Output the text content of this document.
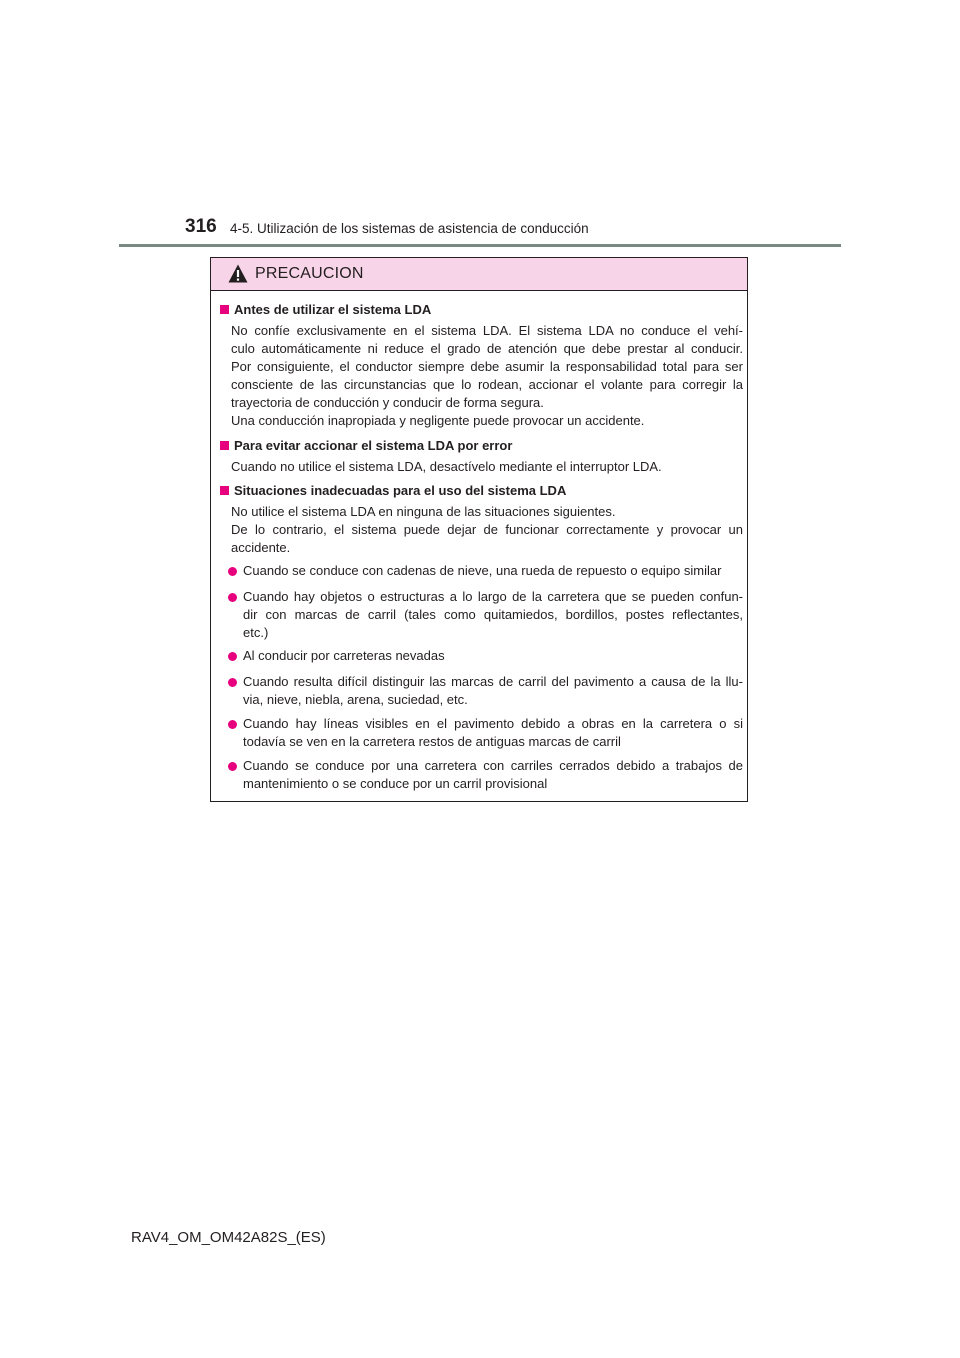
316 4-5. Utilización de los sistemas de asistencia de conducción
PRECAUCION
Antes de utilizar el sistema LDA
No confíe exclusivamente en el sistema LDA. El sistema LDA no conduce el vehí-
culo automáticamente ni reduce el grado de atención que debe prestar al conducir.
Por consiguiente, el conductor siempre debe asumir la responsabilidad total para ser
consciente de las circunstancias que lo rodean, accionar el volante para corregir la
trayectoria de conducción y conducir de forma segura.
Una conducción inapropiada y negligente puede provocar un accidente.
Para evitar accionar el sistema LDA por error
Cuando no utilice el sistema LDA, desactívelo mediante el interruptor LDA.
Situaciones inadecuadas para el uso del sistema LDA
No utilice el sistema LDA en ninguna de las situaciones siguientes.
De lo contrario, el sistema puede dejar de funcionar correctamente y provocar un
accidente.
Cuando se conduce con cadenas de nieve, una rueda de repuesto o equipo similar
Cuando hay objetos o estructuras a lo largo de la carretera que se pueden confun-
dir con marcas de carril (tales como quitamiedos, bordillos, postes reflectantes,
etc.)
Al conducir por carreteras nevadas
Cuando resulta difícil distinguir las marcas de carril del pavimento a causa de la llu-
via, nieve, niebla, arena, suciedad, etc.
Cuando hay líneas visibles en el pavimento debido a obras en la carretera o si
todavía se ven en la carretera restos de antiguas marcas de carril
Cuando se conduce por una carretera con carriles cerrados debido a trabajos de
mantenimiento o se conduce por un carril provisional
RAV4_OM_OM42A82S_(ES)
